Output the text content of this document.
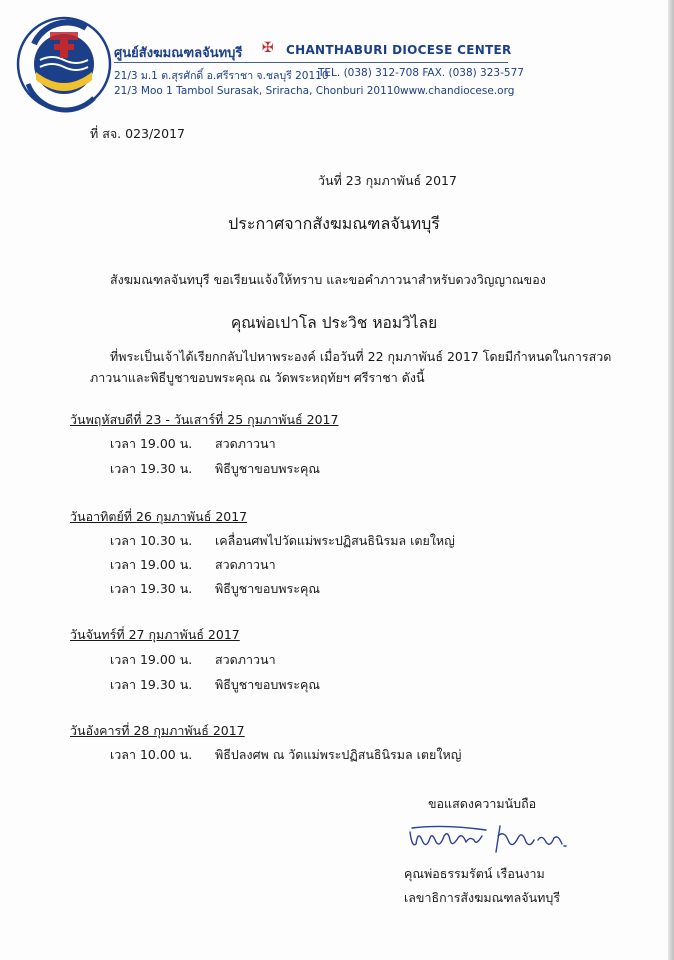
ศูนย์สังฆมณฑลจันทบุรี ✠ CHANTHABURI DIOCESE CENTER
21/3 ม.1 ต.สุรศักดิ์ อ.ศรีราชา จ.ชลบุรี 20110
TEL. (038) 312-708 FAX. (038) 323-577
21/3 Moo 1 Tambol Surasak, Sriracha, Chonburi 20110 www.chandiocese.org
ที่ สจ. 023/2017
วันที่ 23 กุมภาพันธ์ 2017
ประกาศจากสังฆมณฑลจันทบุรี
สังฆมณฑลจันทบุรี ขอเรียนแจ้งให้ทราบ และขอคำภาวนาสำหรับดวงวิญญาณของ
คุณพ่อเปาโล ประวิช หอมวิไลย
ที่พระเป็นเจ้าได้เรียกกลับไปหาพระองค์ เมื่อวันที่ 22 กุมภาพันธ์ 2017 โดยมีกำหนดในการสวด
ภาวนาและพิธีบูชาขอบพระคุณ ณ วัดพระหฤทัยฯ ศรีราชา ดังนี้
วันพฤหัสบดีที่ 23 - วันเสาร์ที่ 25 กุมภาพันธ์ 2017
เวลา 19.00 น. สวดภาวนา
เวลา 19.30 น. พิธีบูชาขอบพระคุณ
วันอาทิตย์ที่ 26 กุมภาพันธ์ 2017
เวลา 10.30 น. เคลื่อนศพไปวัดแม่พระปฏิสนธินิรมล เตยใหญ่
เวลา 19.00 น. สวดภาวนา
เวลา 19.30 น. พิธีบูชาขอบพระคุณ
วันจันทร์ที่ 27 กุมภาพันธ์ 2017
เวลา 19.00 น. สวดภาวนา
เวลา 19.30 น. พิธีบูชาขอบพระคุณ
วันอังคารที่ 28 กุมภาพันธ์ 2017
เวลา 10.00 น. พิธีปลงศพ ณ วัดแม่พระปฏิสนธินิรมล เตยใหญ่
ขอแสดงความนับถือ
คุณพ่อธรรมรัตน์ เรือนงาม
เลขาธิการสังฆมณฑลจันทบุรี
